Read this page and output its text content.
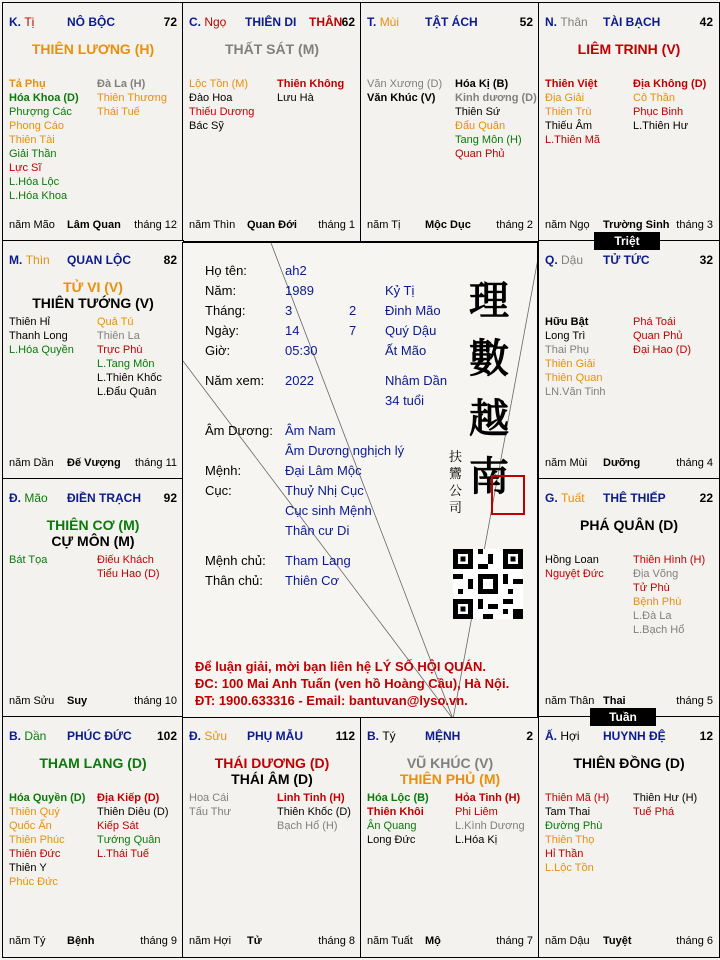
K. Tị	NÔ BỘC	72
THIÊN LƯƠNG (H)
Tả Phụ
Hóa Khoa (D)
Phượng Các
Phong Cáo
Thiên Tài
Giải Thần
Lực Sĩ
L.Hóa Lộc
L.Hóa Khoa
Đà La (H)
Thiên Thương
Thái Tuế
năm Mão Lâm Quan tháng 12
C. Ngọ THIÊN DI THÂN 62
THẤT SÁT (M)
Lộc Tồn (M)
Đào Hoa
Thiếu Dương
Bác Sỹ
Thiên Không
Lưu Hà
năm Thìn Quan Đới tháng 1
T. Mùi TẬT ÁCH	52
Văn Xương (D)
Văn Khúc (V)
Hóa Kị (B)
Kinh dương (D)
Thiên Sứ
Đẩu Quân
Tang Môn (H)
Quan Phủ
năm Tị Mộc Dục tháng 2
N. Thân TÀI BẠCH	42
LIÊM TRINH (V)
Thiên Việt
Địa Giải
Thiên Trù
Thiếu Âm
L.Thiên Mã
Địa Không (D)
Cô Thần
Phục Binh
L.Thiên Hư
năm Ngọ Trường Sinh tháng 3
M. Thìn QUAN LỘC	82
TỬ VI (V)
THIÊN TƯỚNG (V)
Thiên Hỉ
Thanh Long
L.Hóa Quyền
Quả Tú
Thiên La
Trực Phù
L.Tang Môn
L.Thiên Khốc
L.Đẩu Quân
năm Dần Đế Vượng tháng 11
Q. Dậu TỬ TỨC	32
Hữu Bật
Long Trì
Thai Phụ
Thiên Giải
Thiên Quan
LN.Văn Tinh
Phá Toái
Quan Phủ
Đại Hao (D)
năm Mùi Dưỡng	tháng 4
Đ. Mão ĐIỀN TRẠCH 92
THIÊN CƠ (M)
CỰ MÔN (M)
Bát Tọa	Điếu Khách
Tiểu Hao (D)
năm Sửu Suy	tháng 10
G. Tuất THÊ THIẾP	22
PHÁ QUÂN (D)
Hồng Loan
Nguyệt Đức
Thiên Hình (H)
Địa Võng
Tử Phù
Bệnh Phù
L.Đà La
L.Bạch Hổ
năm Thân Thai	tháng 5
B. Dần PHÚC ĐỨC 102
THAM LANG (D)
Hóa Quyền (D)
Thiên Quý
Quốc Ấn
Thiên Phúc
Thiên Đức
Thiên Y
Phúc Đức
Địa Kiếp (D)
Thiên Diêu (D)
Kiếp Sát
Tướng Quân
L.Thái Tuế
năm Tý Bệnh	tháng 9
Đ. Sửu PHỤ MẪU	112
THÁI DƯƠNG (D)
THÁI ÂM (D)
Hoa Cái
Tấu Thư
Linh Tinh (H)
Thiên Khốc (D)
Bạch Hổ (H)
năm Hợi Tử	tháng 8
B. Tý MỆNH	2
VŨ KHÚC (V)
THIÊN PHỦ (M)
Hóa Lộc (B)
Thiên Khôi
Ân Quang
Long Đức
Hỏa Tinh (H)
Phi Liêm
L.Kình Dương
L.Hóa Kị
năm Tuất Mộ	tháng 7
Ấ. Hợi HUYNH ĐỆ	12
THIÊN ĐỒNG (D)
Thiên Mã (H)
Tam Thai
Đường Phù
Thiên Thọ
Hỉ Thần
L.Lộc Tồn
Thiên Hư (H)
Tuế Phá
năm Dậu Tuyệt	tháng 6
Họ tên:	ah2
Năm:	1989	Kỷ Tị
Tháng:	3	2 Đinh Mão
Ngày:	14	7 Quý Dậu
Giờ:	05:30	Ất Mão
Năm xem: 2022	Nhâm Dần
34 tuổi
Âm Dương: Âm Nam
Âm Dương nghịch lý
Mệnh:	Đại Lâm Mộc
Cục:	Thuỷ Nhị Cục
Cục sinh Mệnh
Thân cư Di
Mệnh chủ: Tham Lang
Thân chủ: Thiên Cơ
理
數
越
南
扶
鸞
公
司
Để luận giải, mời bạn liên hệ LÝ SỐ HỘI QUÁN.
ĐC: 100 Mai Anh Tuấn (ven hồ Hoàng Cầu), Hà Nội.
ĐT: 1900.633316 - Email: bantuvan@lyso.vn.
Triệt
Tuần
